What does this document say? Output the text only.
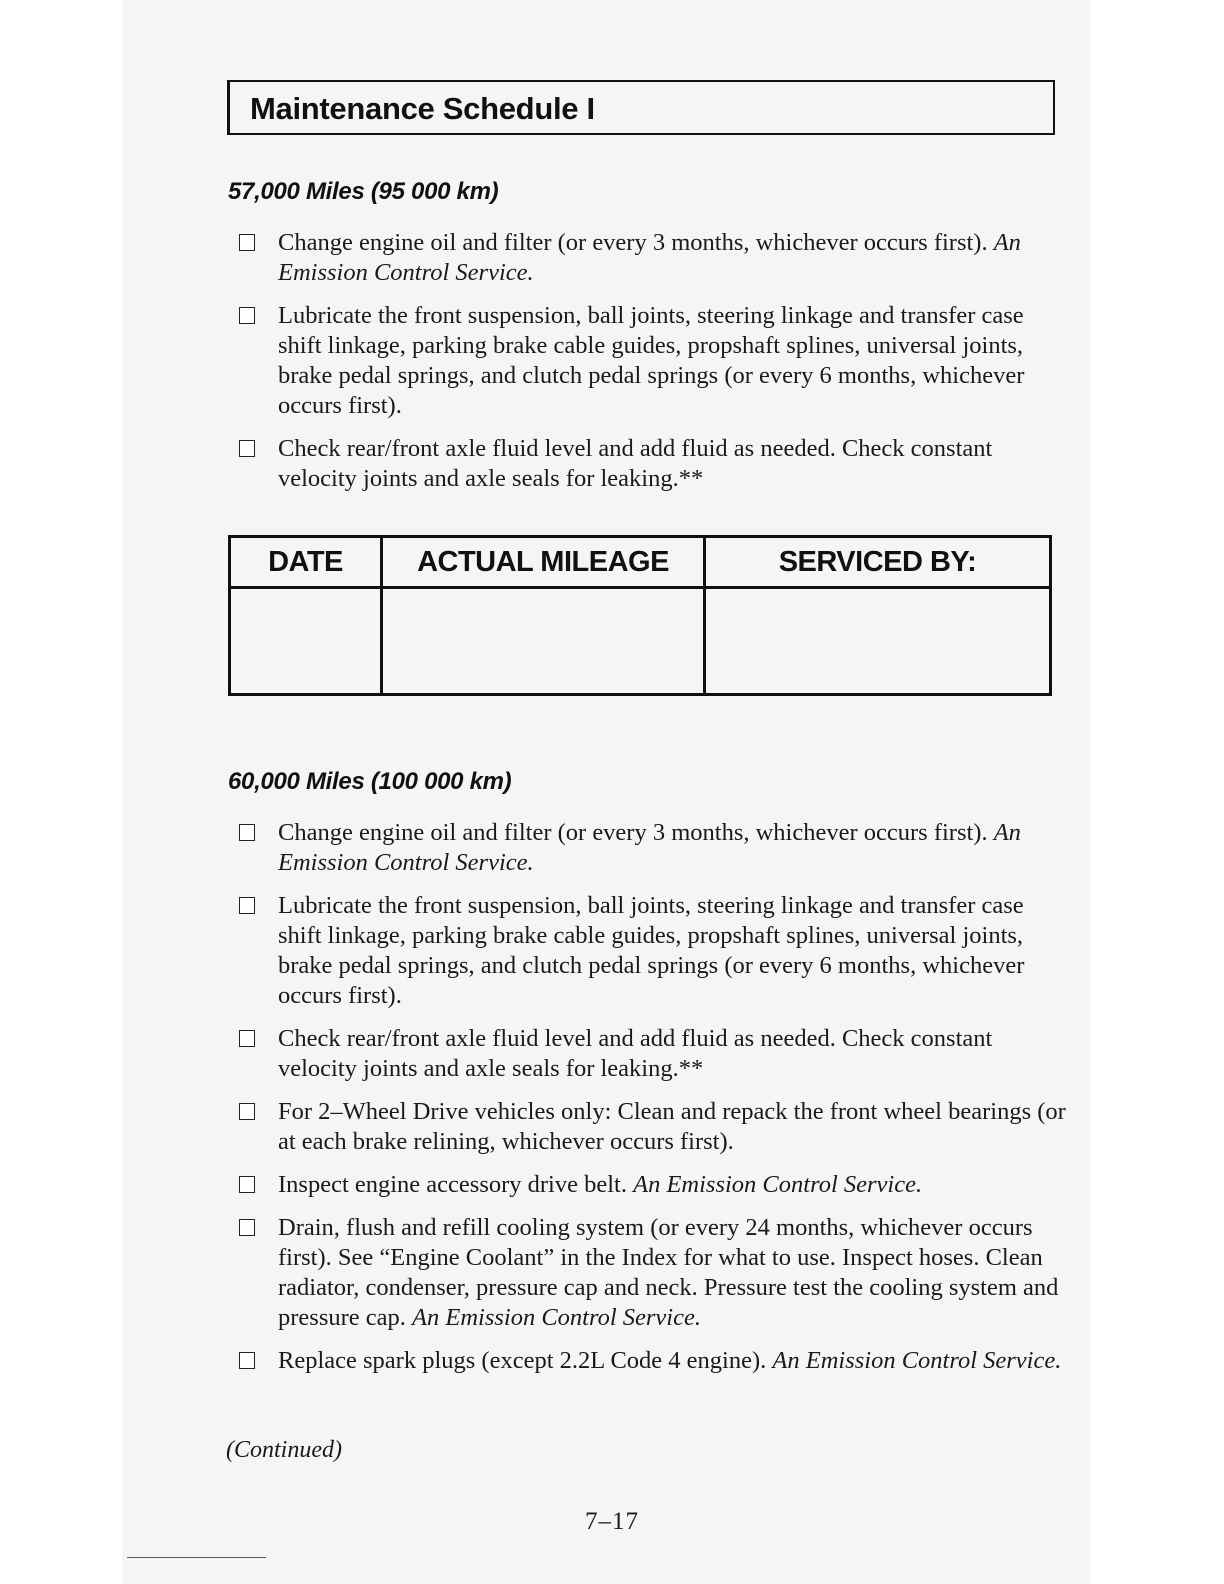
Maintenance Schedule I
57,000 Miles (95 000 km)
Change engine oil and filter (or every 3 months, whichever occurs first). An Emission Control Service.
Lubricate the front suspension, ball joints, steering linkage and transfer case shift linkage, parking brake cable guides, propshaft splines, universal joints, brake pedal springs, and clutch pedal springs (or every 6 months, whichever occurs first).
Check rear/front axle fluid level and add fluid as needed. Check constant velocity joints and axle seals for leaking.**
DATE	ACTUAL MILEAGE	SERVICED BY:

60,000 Miles (100 000 km)
Change engine oil and filter (or every 3 months, whichever occurs first). An Emission Control Service.
Lubricate the front suspension, ball joints, steering linkage and transfer case shift linkage, parking brake cable guides, propshaft splines, universal joints, brake pedal springs, and clutch pedal springs (or every 6 months, whichever occurs first).
Check rear/front axle fluid level and add fluid as needed. Check constant velocity joints and axle seals for leaking.**
For 2–Wheel Drive vehicles only: Clean and repack the front wheel bearings (or at each brake relining, whichever occurs first).
Inspect engine accessory drive belt. An Emission Control Service.
Drain, flush and refill cooling system (or every 24 months, whichever occurs first). See “Engine Coolant” in the Index for what to use. Inspect hoses. Clean radiator, condenser, pressure cap and neck. Pressure test the cooling system and pressure cap. An Emission Control Service.
Replace spark plugs (except 2.2L Code 4 engine). An Emission Control Service.
(Continued)
7–17
